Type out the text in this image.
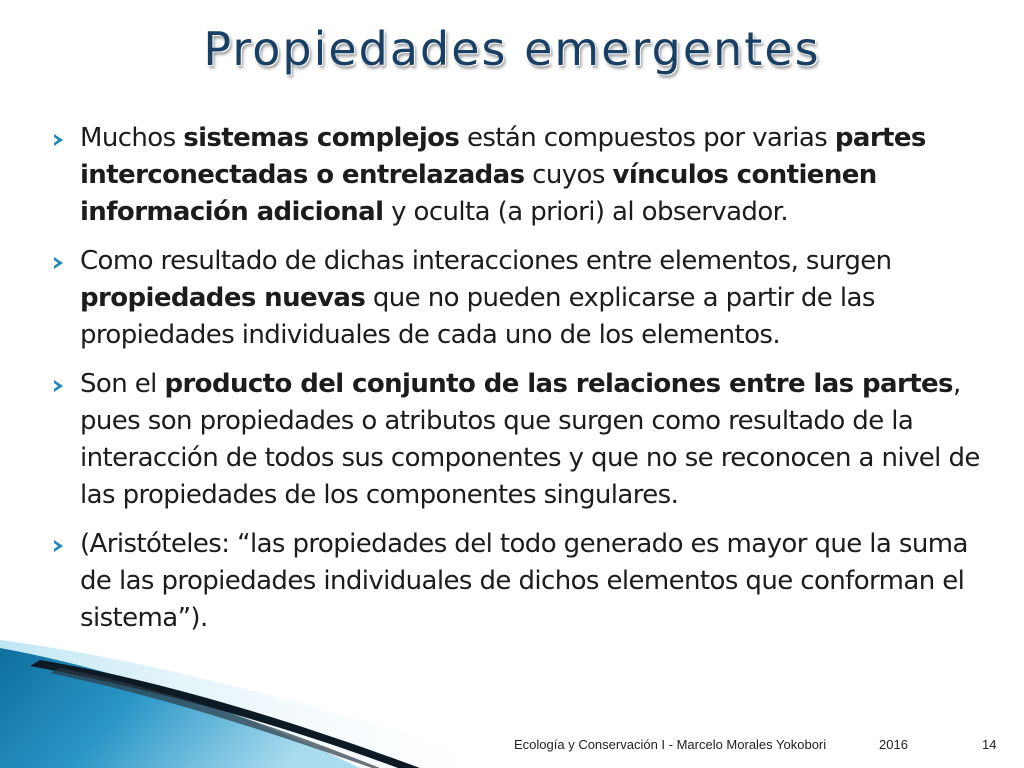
Propiedades emergentes
Muchos sistemas complejos están compuestos por varias partes interconectadas o entrelazadas cuyos vínculos contienen información adicional y oculta (a priori) al observador.
Como resultado de dichas interacciones entre elementos, surgen propiedades nuevas que no pueden explicarse a partir de las propiedades individuales de cada uno de los elementos.
Son el producto del conjunto de las relaciones entre las partes, pues son propiedades o atributos que surgen como resultado de la interacción de todos sus componentes y que no se reconocen a nivel de las propiedades de los componentes singulares.
(Aristóteles: “las propiedades del todo generado es mayor que la suma de las propiedades individuales de dichos elementos que conforman el sistema”).
Ecología y Conservación I - Marcelo Morales Yokobori	2016	14
